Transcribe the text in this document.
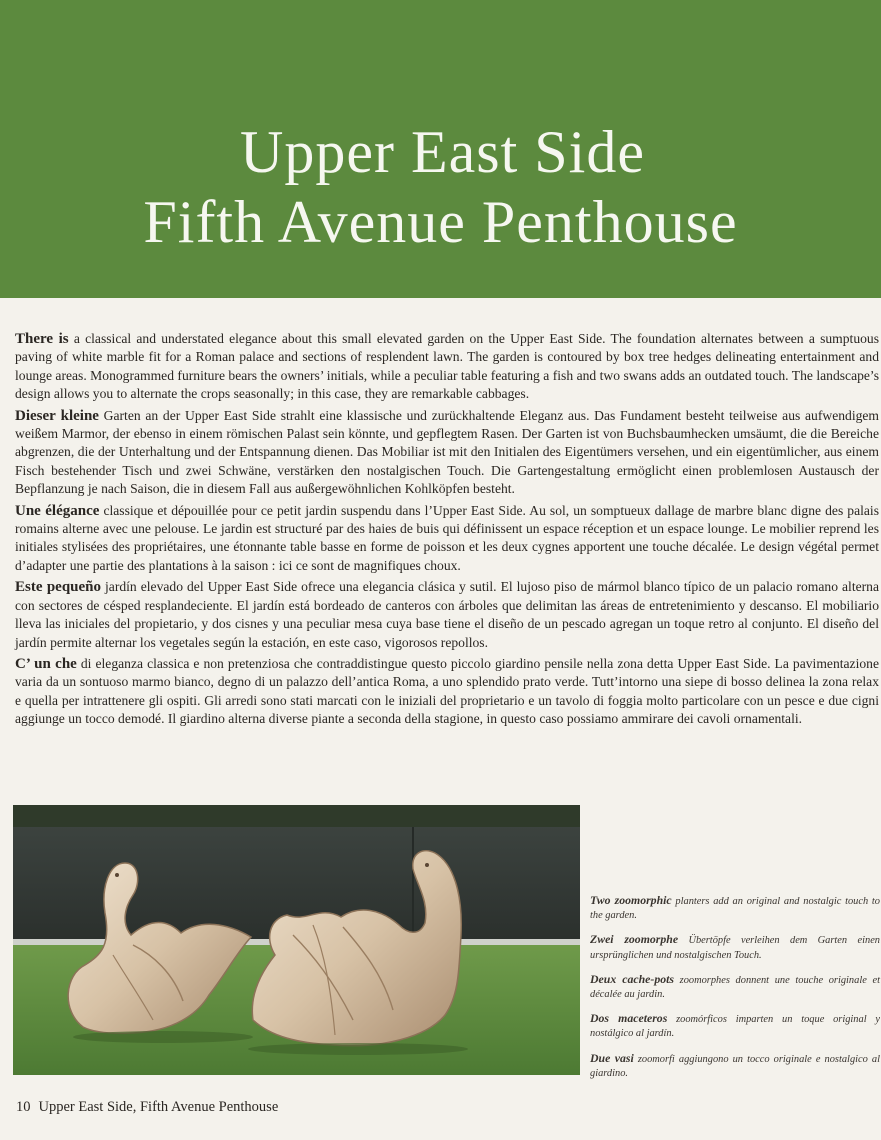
Upper East Side
Fifth Avenue Penthouse

There is a classical and understated elegance about this small elevated garden on the Upper East Side. The foundation alternates between a sumptuous paving of white marble fit for a Roman palace and sections of resplendent lawn. The garden is contoured by box tree hedges delineating entertainment and lounge areas. Monogrammed furniture bears the owners’ initials, while a peculiar table featuring a fish and two swans adds an outdated touch. The landscape’s design allows you to alternate the crops seasonally; in this case, they are remarkable cabbages.

Dieser kleine Garten an der Upper East Side strahlt eine klassische und zurückhaltende Eleganz aus. Das Fundament besteht teilweise aus aufwendigem weißem Marmor, der ebenso in einem römischen Palast sein könnte, und gepflegtem Rasen. Der Garten ist von Buchsbaumhecken umsäumt, die die Bereiche abgrenzen, die der Unterhaltung und der Entspannung dienen. Das Mobiliar ist mit den Initialen des Eigentümers versehen, und ein eigentümlicher, aus einem Fisch bestehender Tisch und zwei Schwäne, verstärken den nostalgischen Touch. Die Gartengestaltung ermöglicht einen problemlosen Austausch der Bepflanzung je nach Saison, die in diesem Fall aus außergewöhnlichen Kohlköpfen besteht.

Une élégance classique et dépouillée pour ce petit jardin suspendu dans l’Upper East Side. Au sol, un somptueux dallage de marbre blanc digne des palais romains alterne avec une pelouse. Le jardin est structuré par des haies de buis qui définissent un espace réception et un espace lounge. Le mobilier reprend les initiales stylisées des propriétaires, une étonnante table basse en forme de poisson et les deux cygnes apportent une touche décalée. Le design végétal permet d’adapter une partie des plantations à la saison : ici ce sont de magnifiques choux.

Este pequeño jardín elevado del Upper East Side ofrece una elegancia clásica y sutil. El lujoso piso de mármol blanco típico de un palacio romano alterna con sectores de césped resplandeciente. El jardín está bordeado de canteros con árboles que delimitan las áreas de entretenimiento y descanso. El mobiliario lleva las iniciales del propietario, y dos cisnes y una peculiar mesa cuya base tiene el diseño de un pescado agregan un toque retro al conjunto. El diseño del jardín permite alternar los vegetales según la estación, en este caso, vigorosos repollos.

C’ un che di eleganza classica e non pretenziosa che contraddistingue questo piccolo giardino pensile nella zona detta Upper East Side. La pavimentazione varia da un sontuoso marmo bianco, degno di un palazzo dell’antica Roma, a uno splendido prato verde. Tutt’intorno una siepe di bosso delinea la zona relax e quella per intrattenere gli ospiti. Gli arredi sono stati marcati con le iniziali del proprietario e un tavolo di foggia molto particolare con un pesce e due cigni aggiunge un tocco demodé. Il giardino alterna diverse piante a seconda della stagione, in questo caso possiamo ammirare dei cavoli ornamentali.

Two zoomorphic planters add an original and nostalgic touch to the garden.

Zwei zoomorphe Übertöpfe verleihen dem Garten einen ursprünglichen und nostalgischen Touch.

Deux cache-pots zoomorphes donnent une touche originale et décalée au jardin.

Dos maceteros zoomórficos imparten un toque original y nostálgico al jardín.

Due vasi zoomorfi aggiungono un tocco originale e nostalgico al giardino.

10 Upper East Side, Fifth Avenue Penthouse
